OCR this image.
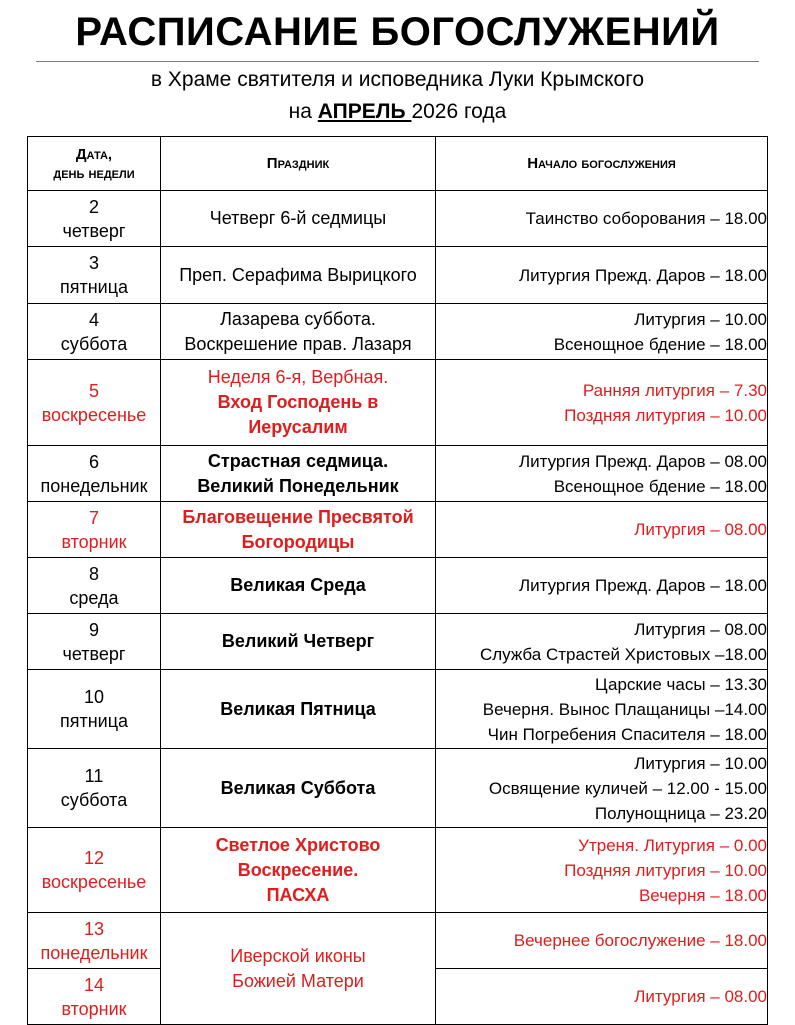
РАСПИСАНИЕ БОГОСЛУЖЕНИЙ
в Храме святителя и исповедника Луки Крымского
на АПРЕЛЬ 2026 года
Дата,
день недели	Праздник	Начало богослужения

2
четверг	Четверг 6-й седмицы	Таинство соборования – 18.00

3
пятница	Преп. Серафима Вырицкого	Литургия Прежд. Даров – 18.00

4
суббота	Лазарева суббота.
Воскрешение прав. Лазаря	Литургия – 10.00
Всенощное бдение – 18.00

5
воскресенье	Неделя 6-я, Вербная.
Вход Господень в
Иерусалим	Ранняя литургия – 7.30
Поздняя литургия – 10.00

6
понедельник	Страстная седмица.
Великий Понедельник	Литургия Прежд. Даров – 08.00
Всенощное бдение – 18.00

7
вторник	Благовещение Пресвятой
Богородицы	Литургия – 08.00

8
среда	Великая Среда	Литургия Прежд. Даров – 18.00

9
четверг	Великий Четверг	Литургия – 08.00
Служба Страстей Христовых –18.00

10
пятница	Великая Пятница	Царские часы – 13.30
Вечерня. Вынос Плащаницы –14.00
Чин Погребения Спасителя – 18.00

11
суббота	Великая Суббота	Литургия – 10.00
Освящение куличей – 12.00 - 15.00
Полунощница – 23.20

12
воскресенье	Светлое Христово
Воскресение.
ПАСХА	Утреня. Литургия – 0.00
Поздняя литургия – 10.00
Вечерня – 18.00

13
понедельник	Иверской иконы
Божией Матери	Вечернее богослужение – 18.00

14
вторник		Литургия – 08.00
